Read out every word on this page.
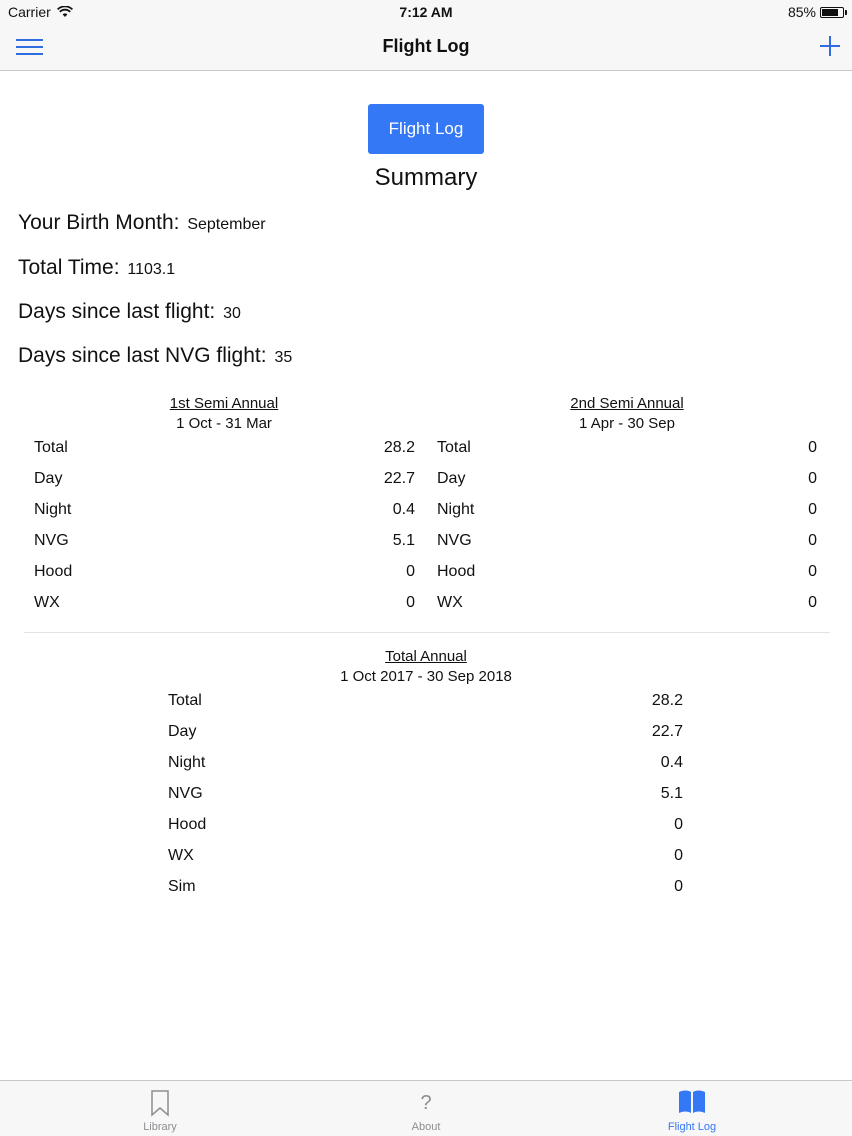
Carrier	7:12 AM	85%
Flight Log
Flight Log
Summary
Your Birth Month: September
Total Time: 1103.1
Days since last flight: 30
Days since last NVG flight: 35
1st Semi Annual
1 Oct - 31 Mar
Total	28.2
Day	22.7
Night	0.4
NVG	5.1
Hood	0
WX	0
2nd Semi Annual
1 Apr - 30 Sep
Total	0
Day	0
Night	0
NVG	0
Hood	0
WX	0
Total Annual
1 Oct 2017 - 30 Sep 2018
Total	28.2
Day	22.7
Night	0.4
NVG	5.1
Hood	0
WX	0
Sim	0
Library
?
About	Flight Log
